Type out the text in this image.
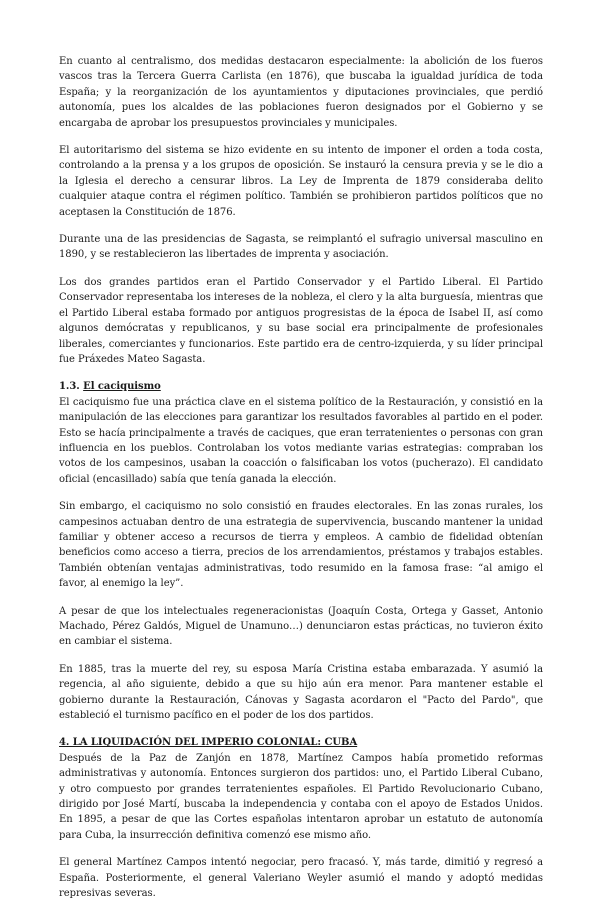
En cuanto al centralismo, dos medidas destacaron especialmente: la abolición de los fueros vascos tras la Tercera Guerra Carlista (en 1876), que buscaba la igualdad jurídica de toda España; y la reorganización de los ayuntamientos y diputaciones provinciales, que perdió autonomía, pues los alcaldes de las poblaciones fueron designados por el Gobierno y se encargaba de aprobar los presupuestos provinciales y municipales.

El autoritarismo del sistema se hizo evidente en su intento de imponer el orden a toda costa, controlando a la prensa y a los grupos de oposición. Se instauró la censura previa y se le dio a la Iglesia el derecho a censurar libros. La Ley de Imprenta de 1879 consideraba delito cualquier ataque contra el régimen político. También se prohibieron partidos políticos que no aceptasen la Constitución de 1876.

Durante una de las presidencias de Sagasta, se reimplantó el sufragio universal masculino en 1890, y se restablecieron las libertades de imprenta y asociación.

Los dos grandes partidos eran el Partido Conservador y el Partido Liberal. El Partido Conservador representaba los intereses de la nobleza, el clero y la alta burguesía, mientras que el Partido Liberal estaba formado por antiguos progresistas de la época de Isabel II, así como algunos demócratas y republicanos, y su base social era principalmente de profesionales liberales, comerciantes y funcionarios. Este partido era de centro-izquierda, y su líder principal fue Práxedes Mateo Sagasta.

1.3. El caciquismo

El caciquismo fue una práctica clave en el sistema político de la Restauración, y consistió en la manipulación de las elecciones para garantizar los resultados favorables al partido en el poder. Esto se hacía principalmente a través de caciques, que eran terratenientes o personas con gran influencia en los pueblos. Controlaban los votos mediante varias estrategias: compraban los votos de los campesinos, usaban la coacción o falsificaban los votos (pucherazo). El candidato oficial (encasillado) sabía que tenía ganada la elección.

Sin embargo, el caciquismo no solo consistió en fraudes electorales. En las zonas rurales, los campesinos actuaban dentro de una estrategia de supervivencia, buscando mantener la unidad familiar y obtener acceso a recursos de tierra y empleos. A cambio de fidelidad obtenían beneficios como acceso a tierra, precios de los arrendamientos, préstamos y trabajos estables. También obtenían ventajas administrativas, todo resumido en la famosa frase: “al amigo el favor, al enemigo la ley”.

A pesar de que los intelectuales regeneracionistas (Joaquín Costa, Ortega y Gasset, Antonio Machado, Pérez Galdós, Miguel de Unamuno…) denunciaron estas prácticas, no tuvieron éxito en cambiar el sistema.

En 1885, tras la muerte del rey, su esposa María Cristina estaba embarazada. Y asumió la regencia, al año siguiente, debido a que su hijo aún era menor. Para mantener estable el gobierno durante la Restauración, Cánovas y Sagasta acordaron el "Pacto del Pardo", que estableció el turnismo pacífico en el poder de los dos partidos.

4. LA LIQUIDACIÓN DEL IMPERIO COLONIAL: CUBA

Después de la Paz de Zanjón en 1878, Martínez Campos había prometido reformas administrativas y autonomía. Entonces surgieron dos partidos: uno, el Partido Liberal Cubano, y otro compuesto por grandes terratenientes españoles. El Partido Revolucionario Cubano, dirigido por José Martí, buscaba la independencia y contaba con el apoyo de Estados Unidos. En 1895, a pesar de que las Cortes españolas intentaron aprobar un estatuto de autonomía para Cuba, la insurrección definitiva comenzó ese mismo año.

El general Martínez Campos intentó negociar, pero fracasó. Y, más tarde, dimitió y regresó a España. Posteriormente, el general Valeriano Weyler asumió el mando y adoptó medidas represivas severas.
